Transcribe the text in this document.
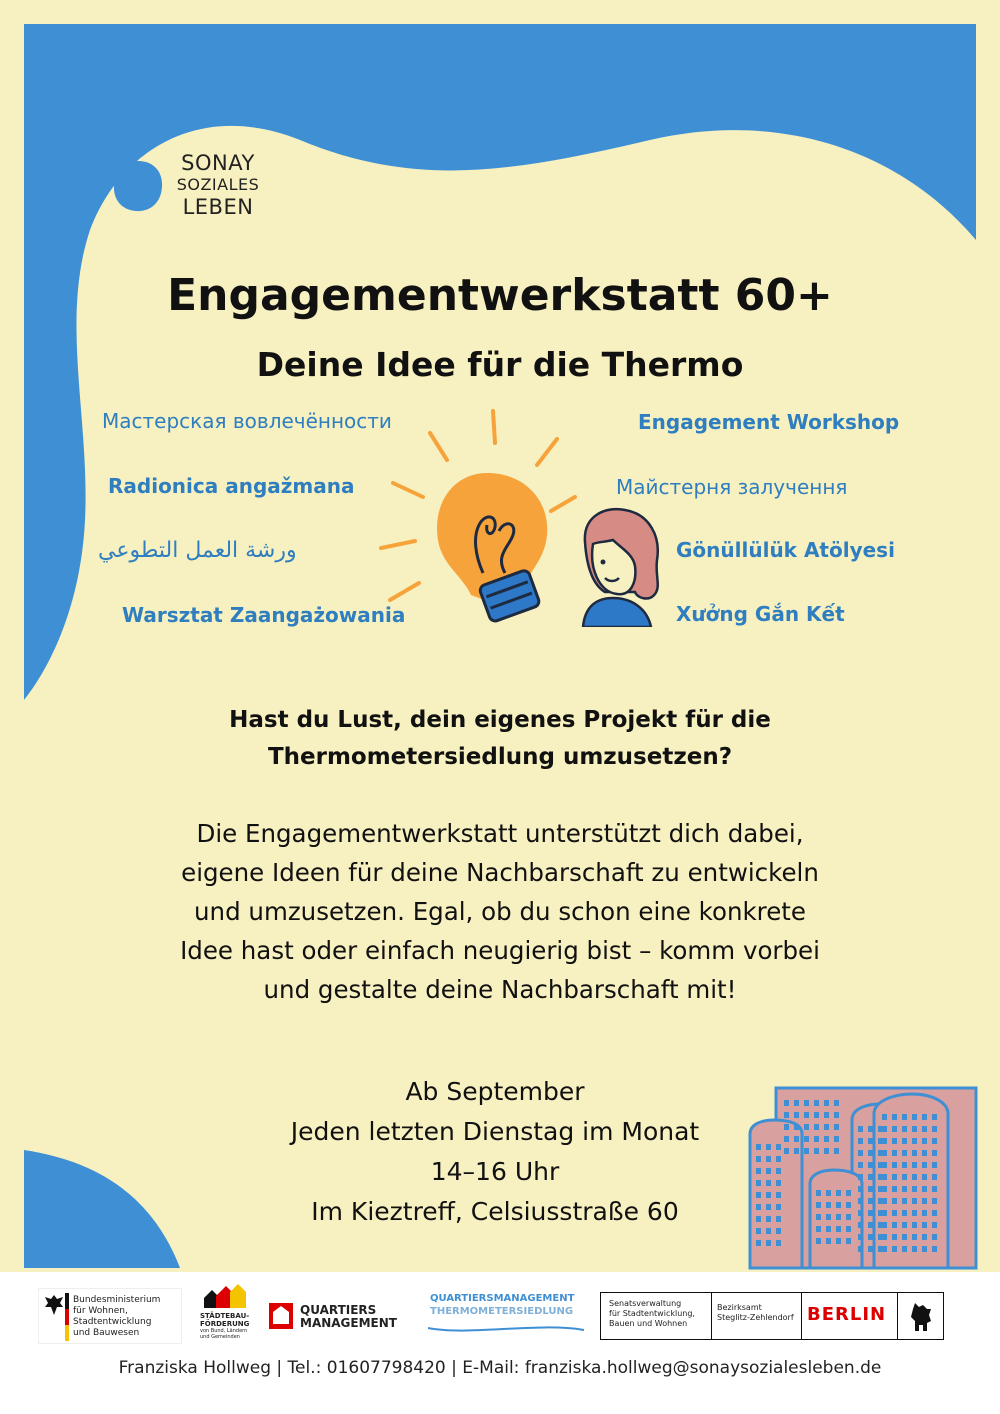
SONAY
SOZIALES
LEBEN
Engagementwerkstatt 60+
Deine Idee für die Thermo
Мастерская вовлечённости	Engagement Workshop
Radionica angažmana	Майстерня залучення
ورشة العمل التطوعي	Gönüllülük Atölyesi
Warsztat Zaangażowania	Xưởng Gắn Kết
Hast du Lust, dein eigenes Projekt für die
Thermometersiedlung umzusetzen?
Die Engagementwerkstatt unterstützt dich dabei,
eigene Ideen für deine Nachbarschaft zu entwickeln
und umzusetzen. Egal, ob du schon eine konkrete
Idee hast oder einfach neugierig bist – komm vorbei
und gestalte deine Nachbarschaft mit!
Ab September
Jeden letzten Dienstag im Monat
14–16 Uhr
Im Kieztreff, Celsiusstraße 60
Bundesministerium
für Wohnen, Stadtentwicklung
und Bauwesen
STÄDTEBAU-
FÖRDERUNG
von Bund, Ländern und Gemeinden
QUARTIERS
MANAGEMENT
QUARTIERSMANAGEMENT
THERMOMETERSIEDLUNG
Senatsverwaltung
für Stadtentwicklung,
Bauen und Wohnen
Bezirksamt
Steglitz-Zehlendorf BERLIN
Franziska Hollweg | Tel.: 01607798420 | E-Mail: franziska.hollweg@sonaysozialesleben.de
